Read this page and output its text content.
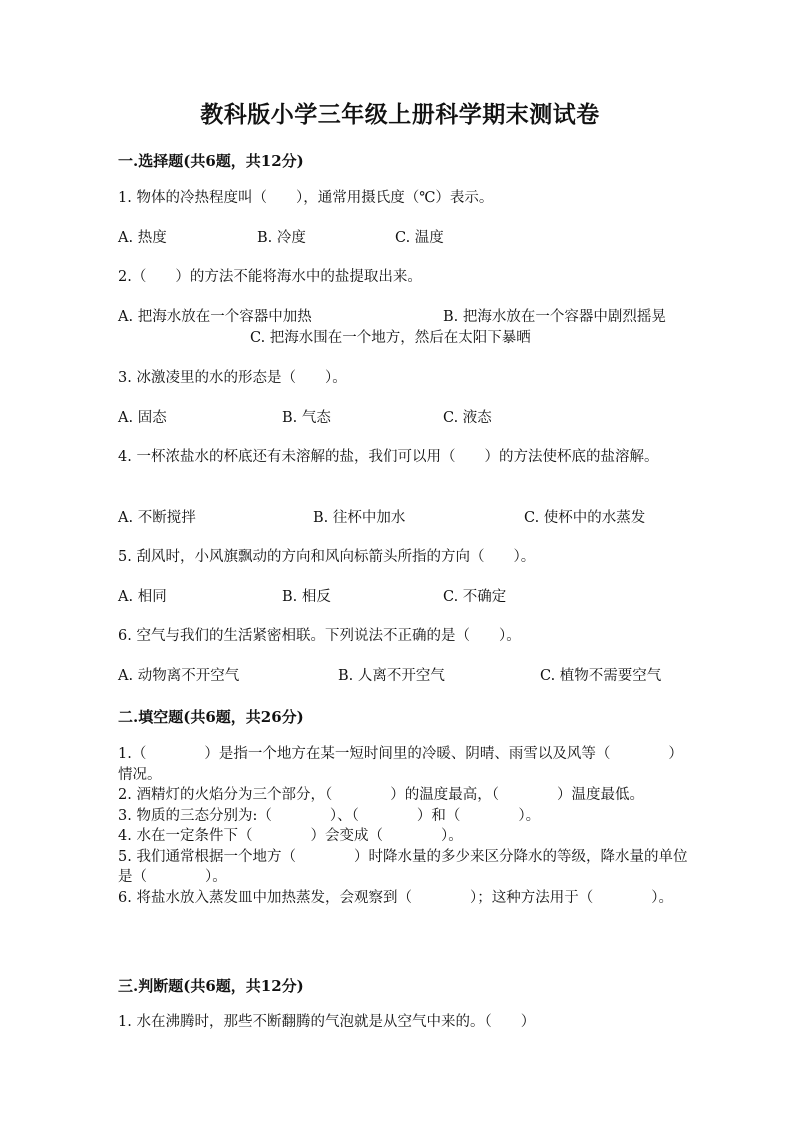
教科版小学三年级上册科学期末测试卷
一.选择题(共6题，共12分)
1. 物体的冷热程度叫（　　），通常用摄氏度（℃）表示。
A. 热度	B. 冷度	C. 温度
2.（　　）的方法不能将海水中的盐提取出来。
A. 把海水放在一个容器中加热	B. 把海水放在一个容器中剧烈摇晃
C. 把海水围在一个地方，然后在太阳下暴晒
3. 冰激凌里的水的形态是（　　）。
A. 固态	B. 气态	C. 液态
4. 一杯浓盐水的杯底还有未溶解的盐，我们可以用（　　）的方法使杯底的盐溶解。
A. 不断搅拌	B. 往杯中加水	C. 使杯中的水蒸发
5. 刮风时，小风旗飘动的方向和风向标箭头所指的方向（　　）。
A. 相同	B. 相反	C. 不确定
6. 空气与我们的生活紧密相联。下列说法不正确的是（　　）。
A. 动物离不开空气	B. 人离不开空气	C. 植物不需要空气
二.填空题(共6题，共26分)
1.（　　　　）是指一个地方在某一短时间里的冷暖、阴晴、雨雪以及风等（　　　　）情况。
2. 酒精灯的火焰分为三个部分，（　　　　）的温度最高，（　　　　）温度最低。
3. 物质的三态分别为:（　　　　）、（　　　　）和（　　　　）。
4. 水在一定条件下（　　　　）会变成（　　　　）。
5. 我们通常根据一个地方（　　　　）时降水量的多少来区分降水的等级，降水量的单位是（　　　　）。
6. 将盐水放入蒸发皿中加热蒸发，会观察到（　　　　）；这种方法用于（　　　　）。
三.判断题(共6题，共12分)
1. 水在沸腾时，那些不断翻腾的气泡就是从空气中来的。（　　）
